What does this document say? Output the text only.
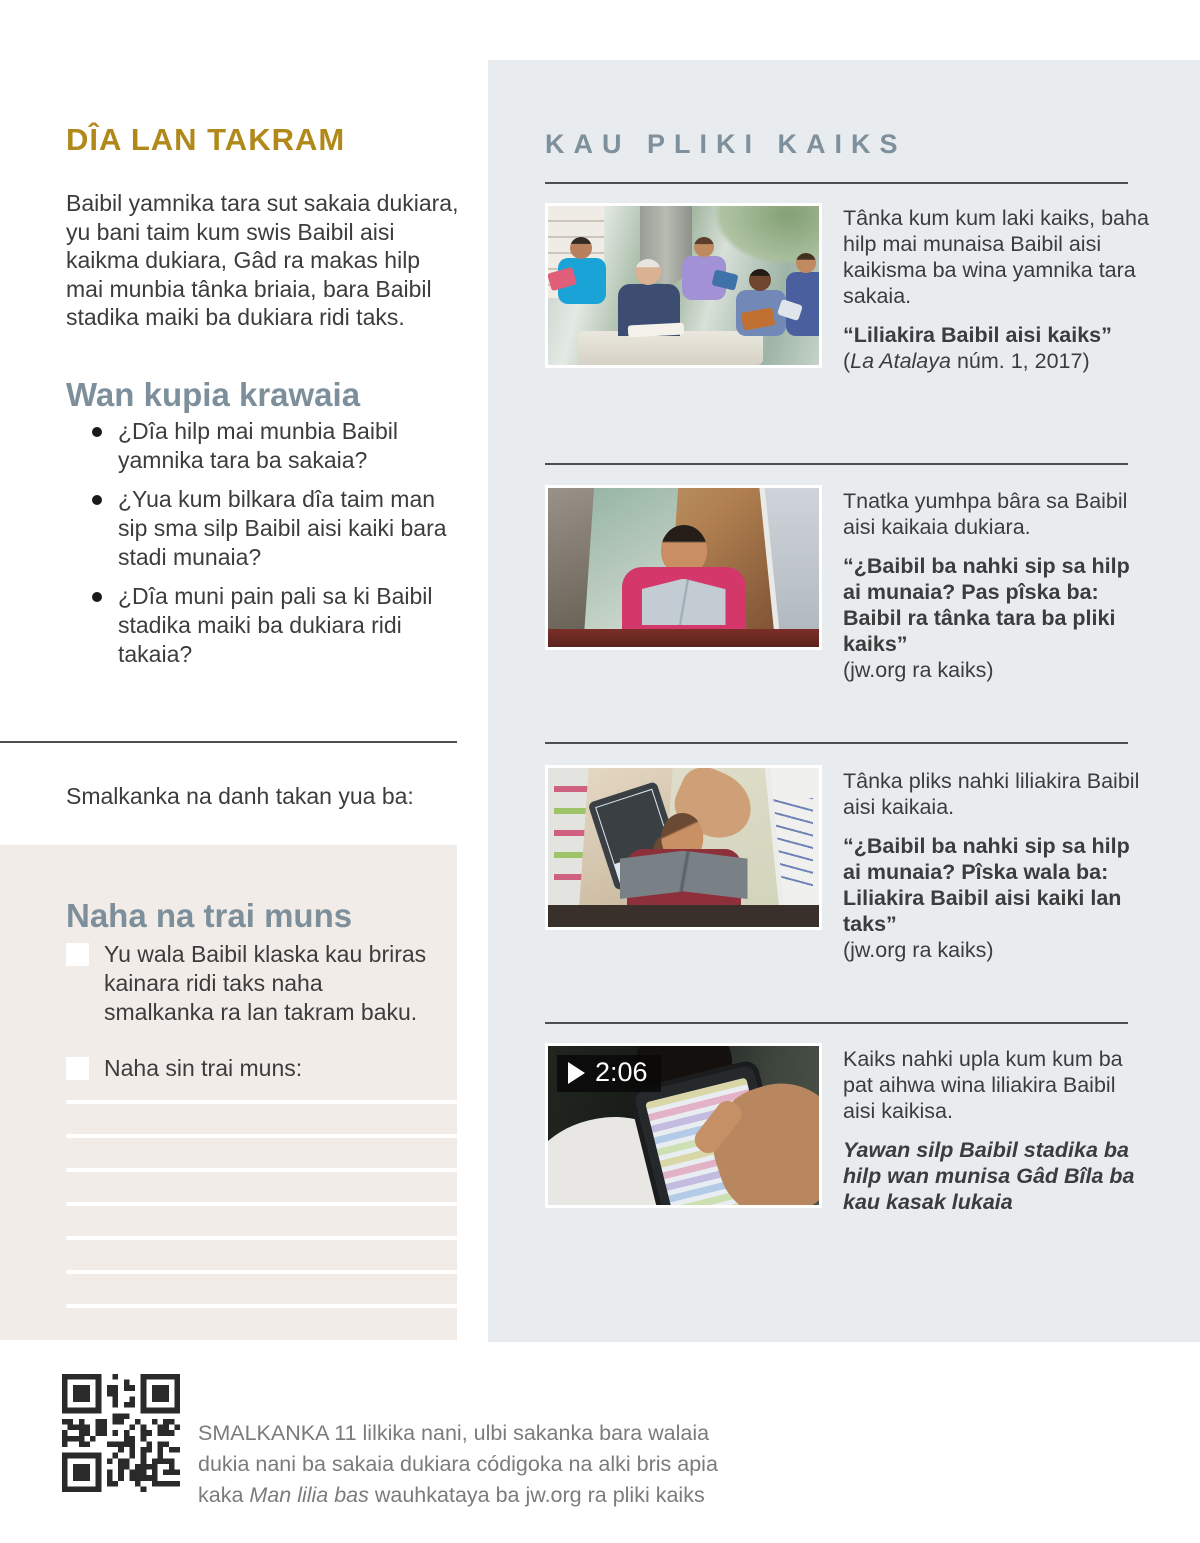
DÎA LAN TAKRAM

Baibil yamnika tara sut sakaia dukiara, yu bani taim kum swis Baibil aisi kaikma dukiara, Gâd ra makas hilp mai munbia tânka briaia, bara Baibil stadika maiki ba dukiara ridi taks.

Wan kupia krawaia
¿Dîa hilp mai munbia Baibil yamnika tara ba sakaia?
¿Yua kum bilkara dîa taim man sip sma silp Baibil aisi kaiki bara stadi munaia?
¿Dîa muni pain pali sa ki Baibil stadika maiki ba dukiara ridi takaia?

Smalkanka na danh takan yua ba:

Naha na trai muns
Yu wala Baibil klaska kau briras kainara ridi taks naha smalkanka ra lan takram baku.
Naha sin trai muns:
KAU PLIKI KAIKS

Tânka kum kum laki kaiks, baha hilp mai munaisa Baibil aisi kaikisma ba wina yamnika tara sakaia.

“Liliakira Baibil aisi kaiks”

(La Atalaya núm. 1, 2017)

Tnatka yumhpa bâra sa Baibil aisi kaikaia dukiara.

“¿Baibil ba nahki sip sa hilp ai munaia? Pas pîska ba: Baibil ra tânka tara ba pliki kaiks”

(jw.org ra kaiks)

Tânka pliks nahki liliakira Baibil aisi kaikaia.

“¿Baibil ba nahki sip sa hilp ai munaia? Pîska wala ba: Liliakira Baibil aisi kaiki lan taks”

(jw.org ra kaiks)

2:06	Kaiks nahki upla kum kum ba pat aihwa wina liliakira Baibil aisi kaikisa.

Yawan silp Baibil stadika ba hilp wan munisa Gâd Bîla ba kau kasak lukaia

SMALKANKA 11 lilkika nani, ulbi sakanka bara walaia dukia nani ba sakaia dukiara códigoka na alki bris apia kaka Man lilia bas wauhkataya ba jw.org ra pliki kaiks
